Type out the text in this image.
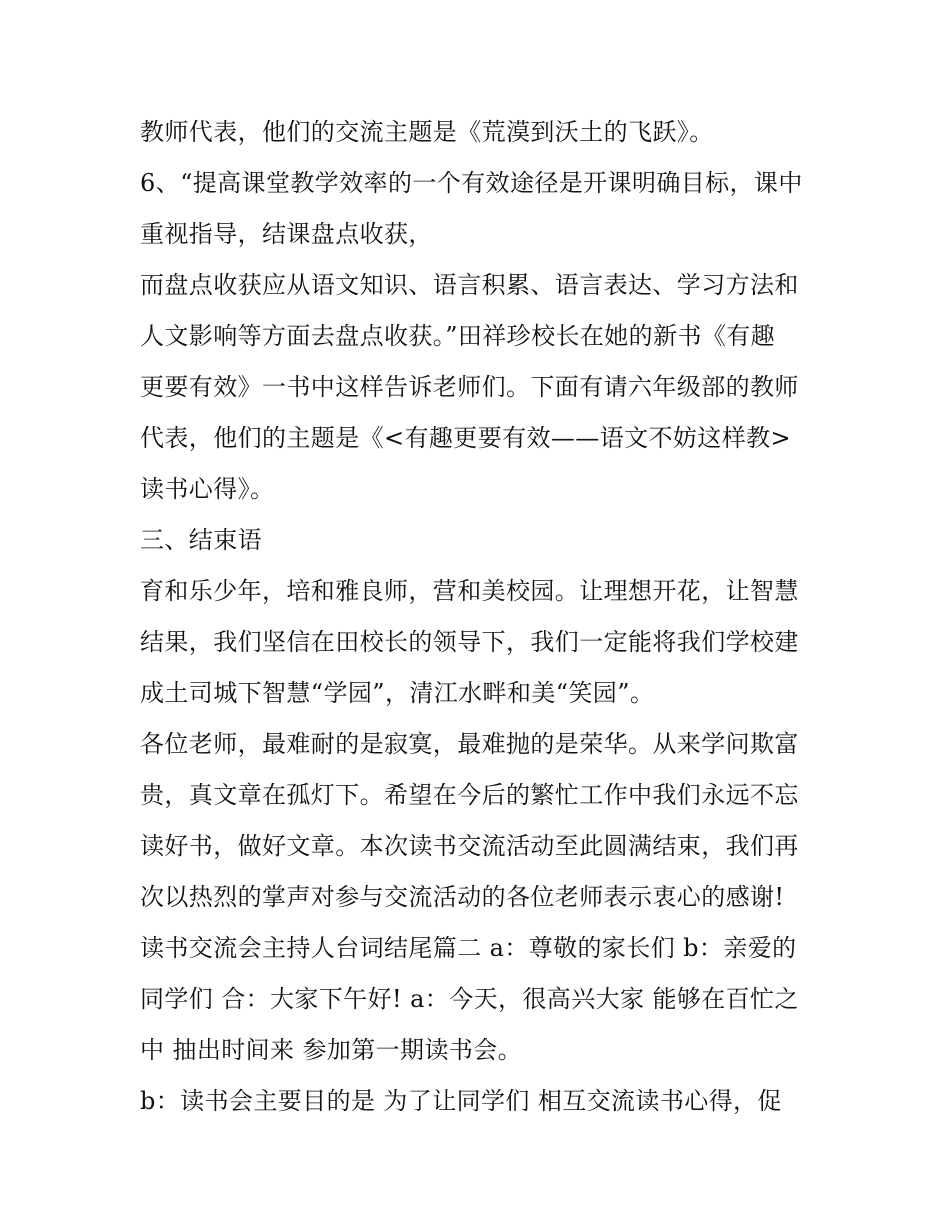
教师代表，他们的交流主题是《荒漠到沃土的飞跃》。
6、“提高课堂教学效率的一个有效途径是开课明确目标，课中
重视指导，结课盘点收获，
而盘点收获应从语文知识、语言积累、语言表达、学习方法和
人文影响等方面去盘点收获。”田祥珍校长在她的新书《有趣
更要有效》一书中这样告诉老师们。下面有请六年级部的教师
代表，他们的主题是《<有趣更要有效——语文不妨这样教>
读书心得》。
三、结束语
育和乐少年，培和雅良师，营和美校园。让理想开花，让智慧
结果，我们坚信在田校长的领导下，我们一定能将我们学校建
成土司城下智慧“学园”，清江水畔和美“笑园”。
各位老师，最难耐的是寂寞，最难抛的是荣华。从来学问欺富
贵，真文章在孤灯下。希望在今后的繁忙工作中我们永远不忘
读好书，做好文章。本次读书交流活动至此圆满结束，我们再
次以热烈的掌声对参与交流活动的各位老师表示衷心的感谢!
读书交流会主持人台词结尾篇二 a：尊敬的家长们 b：亲爱的
同学们 合：大家下午好! a：今天，很高兴大家 能够在百忙之
中 抽出时间来 参加第一期读书会。
b：读书会主要目的是 为了让同学们 相互交流读书心得，促
